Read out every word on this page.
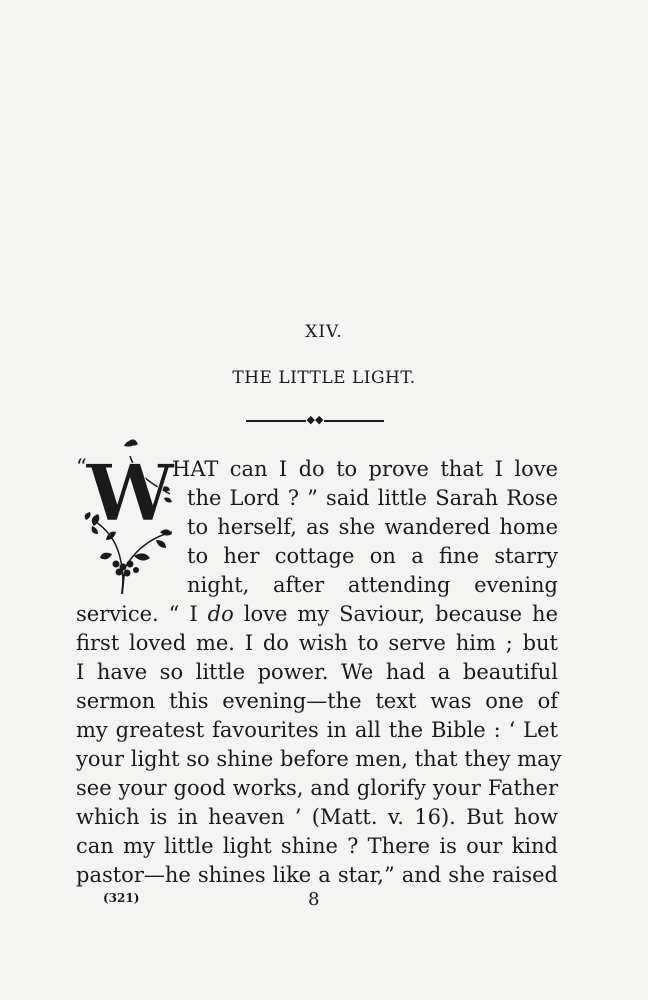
XIV.
THE LITTLE LIGHT.
◆◆
“ W
HAT can I do to prove that I love
the Lord ? ” said little Sarah Rose
to herself, as she wandered home
to her cottage on a fine starry
night, after attending evening
service. “ I do love my Saviour, because he
first loved me. I do wish to serve him ; but
I have so little power. We had a beautiful
sermon this evening—the text was one of
my greatest favourites in all the Bible : ‘ Let
your light so shine before men, that they may
see your good works, and glorify your Father
which is in heaven ’ (Matt. v. 16). But how
can my little light shine ? There is our kind
pastor—he shines like a star,” and she raised
(321)	8
